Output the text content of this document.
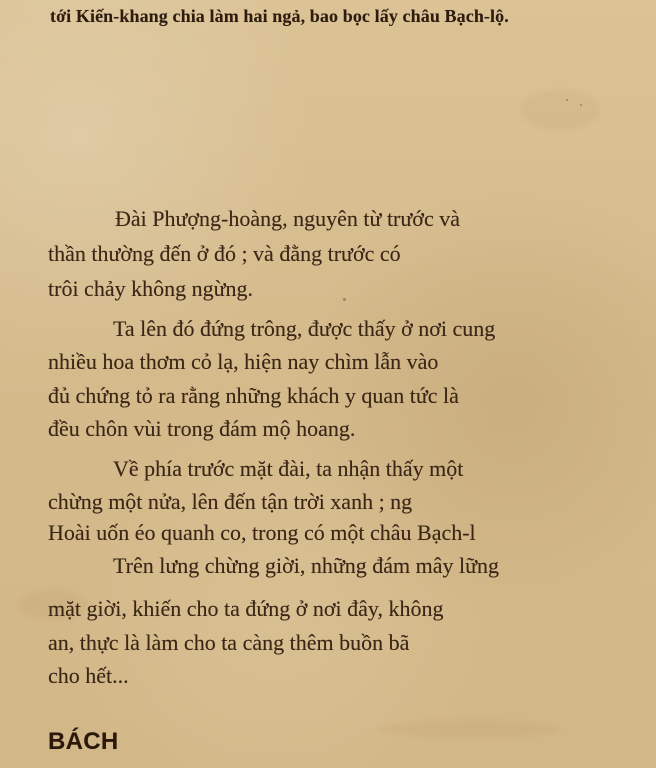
tới Kiến-khang chia làm hai ngả, bao bọc lấy châu Bạch-lộ.
Đài Phượng-hoàng, nguyên từ trước và
thần thường đến ở đó ; và đằng trước có
trôi chảy không ngừng.
Ta lên đó đứng trông, được thấy ở nơi cung
nhiều hoa thơm cỏ lạ, hiện nay chìm lẫn vào
đủ chứng tỏ ra rằng những khách y quan tức là
đều chôn vùi trong đám mộ hoang.
Về phía trước mặt đài, ta nhận thấy một
chừng một nửa, lên đến tận trời xanh ; ng
Hoài uốn éo quanh co, trong có một châu Bạch-l
Trên lưng chừng giời, những đám mây lững
mặt giời, khiến cho ta đứng ở nơi đây, không
an, thực là làm cho ta càng thêm buồn bã
cho hết...
BÁCH
